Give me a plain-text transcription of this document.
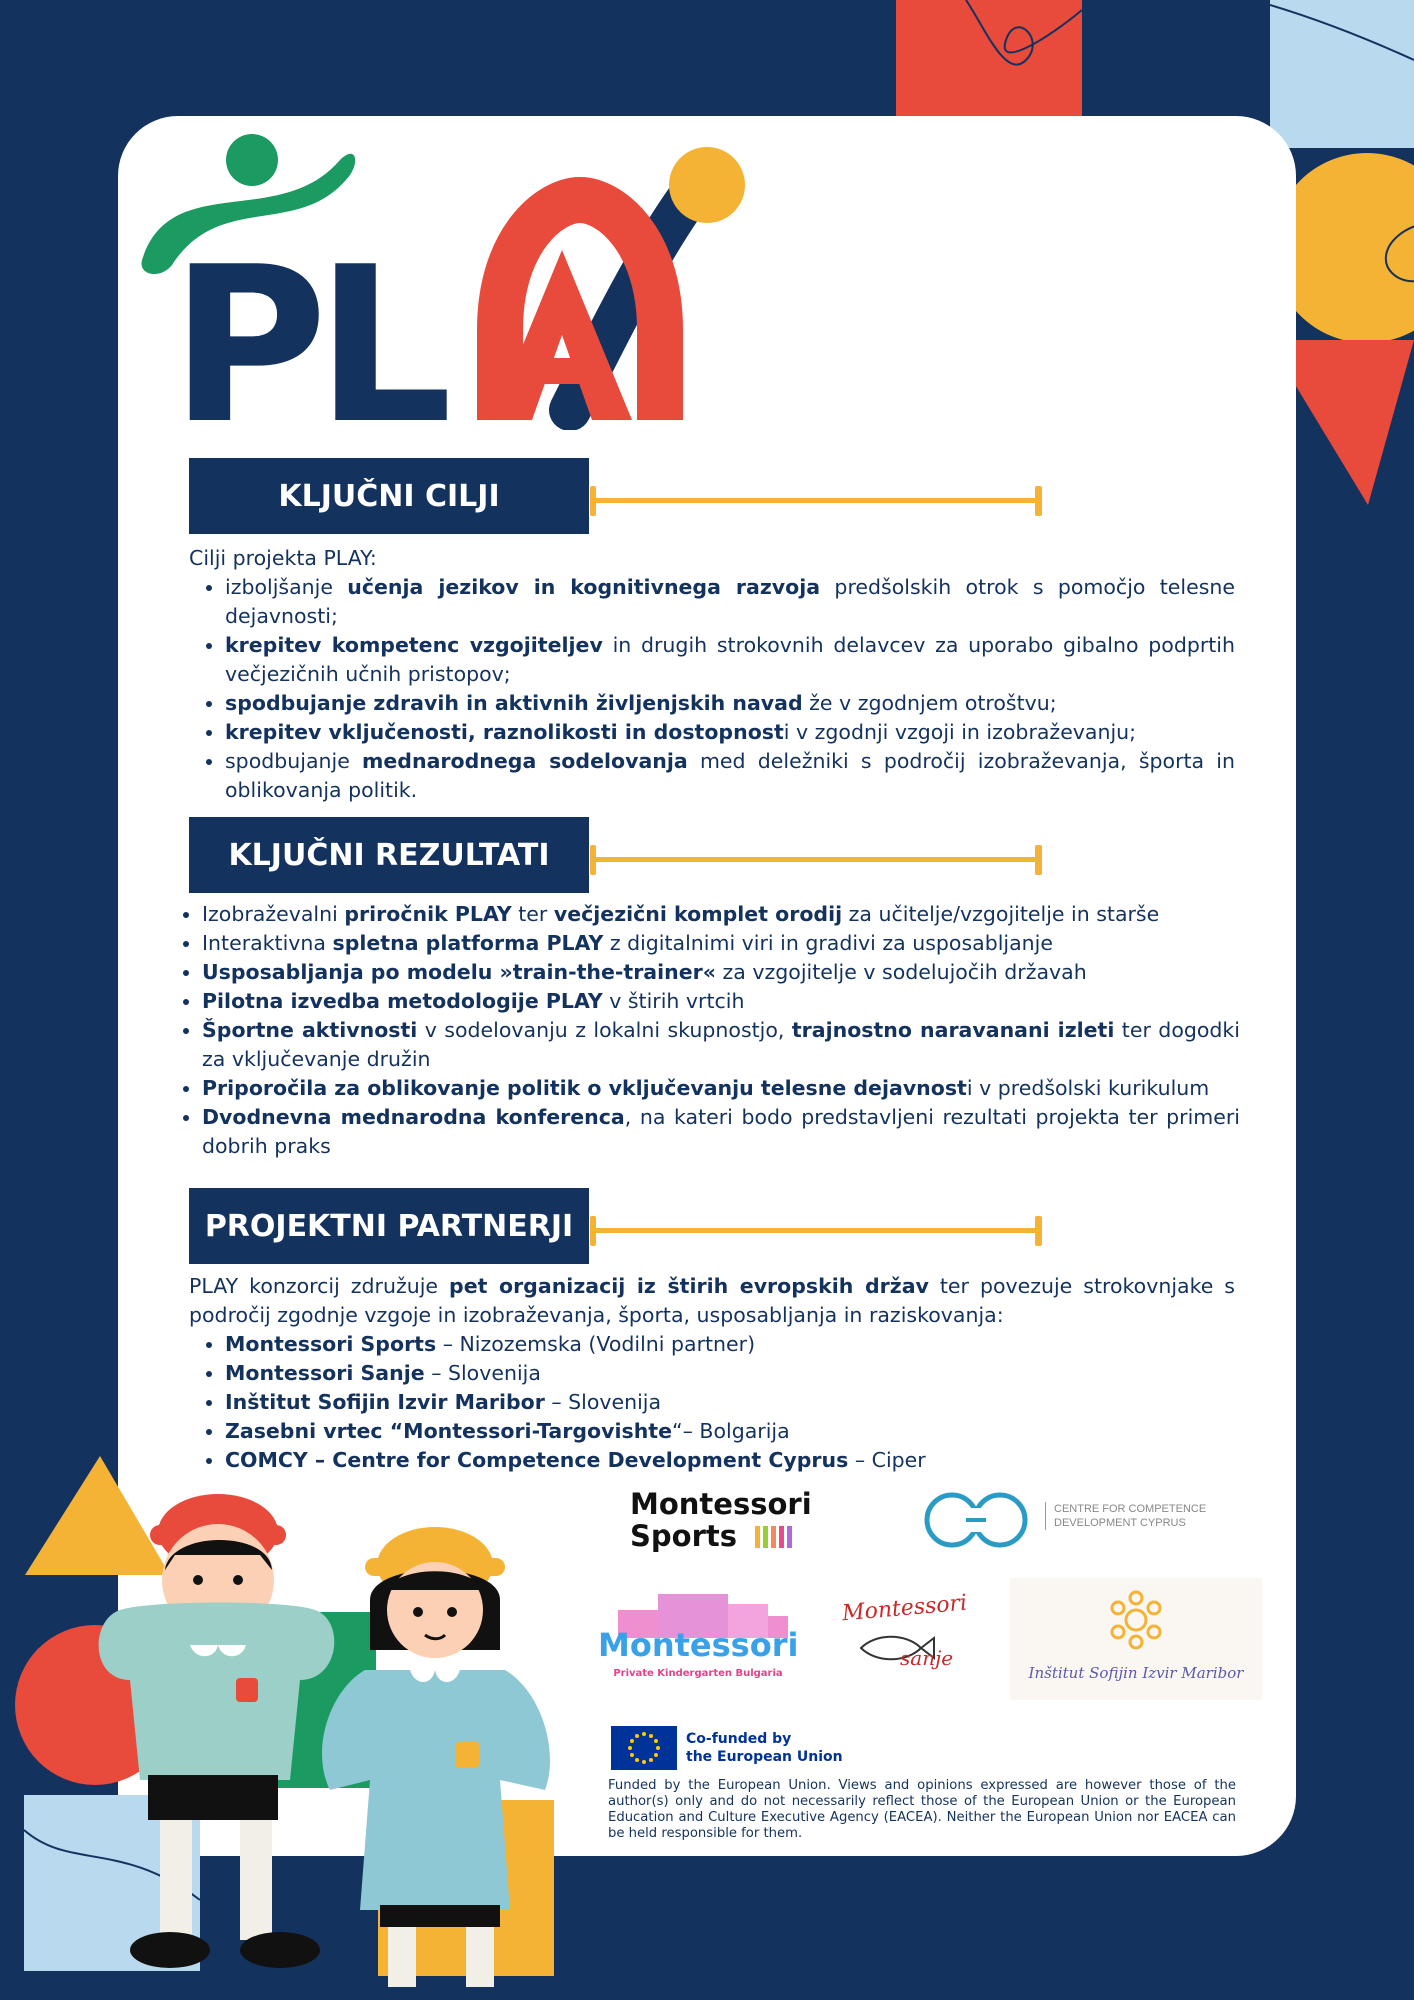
PL
KLJUČNI CILJI
Cilji projekta PLAY:
• izboljšanje učenja jezikov in kognitivnega razvoja predšolskih otrok s pomočjo telesne dejavnosti;
• krepitev kompetenc vzgojiteljev in drugih strokovnih delavcev za uporabo gibalno podprtih večjezičnih učnih pristopov;
• spodbujanje zdravih in aktivnih življenjskih navad že v zgodnjem otroštvu;
• krepitev vključenosti, raznolikosti in dostopnosti v zgodnji vzgoji in izobraževanju;
• spodbujanje mednarodnega sodelovanja med deležniki s področij izobraževanja, športa in oblikovanja politik.
KLJUČNI REZULTATI
• Izobraževalni priročnik PLAY ter večjezični komplet orodij za učitelje/vzgojitelje in starše
• Interaktivna spletna platforma PLAY z digitalnimi viri in gradivi za usposabljanje
• Usposabljanja po modelu »train-the-trainer« za vzgojitelje v sodelujočih državah
• Pilotna izvedba metodologije PLAY v štirih vrtcih
• Športne aktivnosti v sodelovanju z lokalni skupnostjo, trajnostno naravanani izleti ter dogodki za vključevanje družin
• Priporočila za oblikovanje politik o vključevanju telesne dejavnosti v predšolski kurikulum
• Dvodnevna mednarodna konferenca, na kateri bodo predstavljeni rezultati projekta ter primeri dobrih praks
PROJEKTNI PARTNERJI
PLAY konzorcij združuje pet organizacij iz štirih evropskih držav ter povezuje strokovnjake s področij zgodnje vzgoje in izobraževanja, športa, usposabljanja in raziskovanja:
• Montessori Sports – Nizozemska (Vodilni partner)
• Montessori Sanje – Slovenija
• Inštitut Sofijin Izvir Maribor – Slovenija
• Zasebni vrtec “Montessori-Targovishte“– Bolgarija
• COMCY – Centre for Competence Development Cyprus – Ciper
Montessori
Sports
CENTRE FOR COMPETENCE
DEVELOPMENT CYPRUS
Montessori
Private Kindergarten Bulgaria
Montessori
sanje
Inštitut Sofijin Izvir Maribor
Co-funded by
the European Union
Funded by the European Union. Views and opinions expressed are however those of the author(s) only and do not necessarily reflect those of the European Union or the European Education and Culture Executive Agency (EACEA). Neither the European Union nor EACEA can be held responsible for them.
